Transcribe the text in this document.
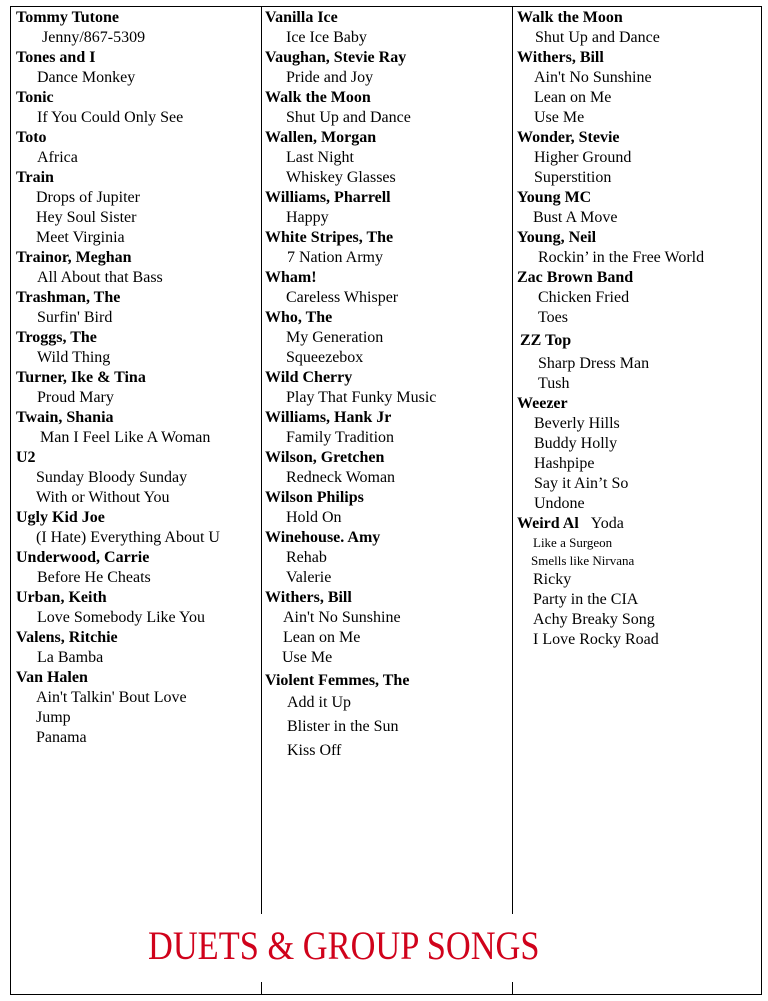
Tommy Tutone
Jenny/867-5309
Tones and I
Dance Monkey
Tonic
If You Could Only See
Toto
Africa
Train
Drops of Jupiter
Hey Soul Sister
Meet Virginia
Trainor, Meghan
All About that Bass
Trashman, The
Surfin' Bird
Troggs, The
Wild Thing
Turner, Ike & Tina
Proud Mary
Twain, Shania
Man I Feel Like A Woman
U2
Sunday Bloody Sunday
With or Without You
Ugly Kid Joe
(I Hate) Everything About U
Underwood, Carrie
Before He Cheats
Urban, Keith
Love Somebody Like You
Valens, Ritchie
La Bamba
Van Halen
Ain't Talkin' Bout Love
Jump
Panama
Vanilla Ice
Ice Ice Baby
Vaughan, Stevie Ray
Pride and Joy
Walk the Moon
Shut Up and Dance
Wallen, Morgan
Last Night
Whiskey Glasses
Williams, Pharrell
Happy
White Stripes, The
7 Nation Army
Wham!
Careless Whisper
Who, The
My Generation
Squeezebox
Wild Cherry
Play That Funky Music
Williams, Hank Jr
Family Tradition
Wilson, Gretchen
Redneck Woman
Wilson Philips
Hold On
Winehouse. Amy
Rehab
Valerie
Withers, Bill
Ain't No Sunshine
Lean on Me
Use Me
Violent Femmes, The
Add it Up
Blister in the Sun
Kiss Off
Walk the Moon
Shut Up and Dance
Withers, Bill
Ain't No Sunshine
Lean on Me
Use Me
Wonder, Stevie
Higher Ground
Superstition
Young MC
Bust A Move
Young, Neil
Rockin’ in the Free World
Zac Brown Band
Chicken Fried
Toes
ZZ Top
Sharp Dress Man
Tush
Weezer
Beverly Hills
Buddy Holly
Hashpipe
Say it Ain’t So
Undone
Weird Al Yoda
Like a Surgeon
Smells like Nirvana
Ricky
Party in the CIA
Achy Breaky Song
I Love Rocky Road
DUETS & GROUP SONGS
